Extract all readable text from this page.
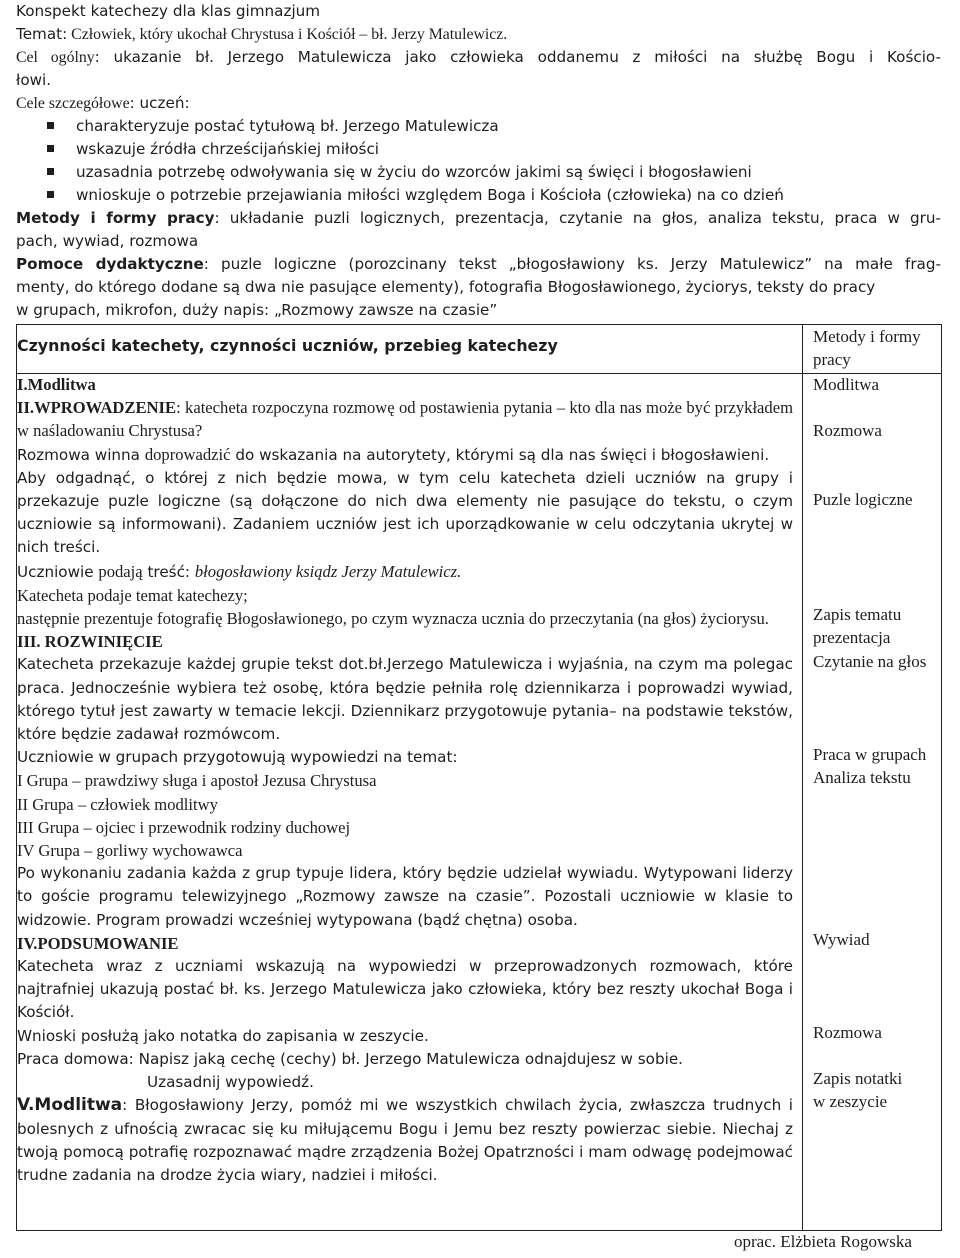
Konspekt katechezy dla klas gimnazjum
Temat: Człowiek, który ukochał Chrystusa i Kościół – bł. Jerzy Matulewicz.
Cel ogólny: ukazanie bł. Jerzego Matulewicza jako człowieka oddanemu z miłości na służbę Bogu i Kościo-
łowi.
Cele szczegółowe: uczeń:
charakteryzuje postać tytułową bł. Jerzego Matulewicza
wskazuje źródła chrześcijańskiej miłości
uzasadnia potrzebę odwoływania się w życiu do wzorców jakimi są święci i błogosławieni
wnioskuje o potrzebie przejawiania miłości względem Boga i Kościoła (człowieka) na co dzień
Metody i formy pracy: układanie puzli logicznych, prezentacja, czytanie na głos, analiza tekstu, praca w gru-
pach, wywiad, rozmowa
Pomoce dydaktyczne: puzle logiczne (porozcinany tekst „błogosławiony ks. Jerzy Matulewicz” na małe frag-
menty, do którego dodane są dwa nie pasujące elementy), fotografia Błogosławionego, życiorys, teksty do pracy
w grupach, mikrofon, duży napis: „Rozmowy zawsze na czasie”
Czynności katechety, czynności uczniów, przebieg katechezy	Metody i formy
pracy

I.Modlitwa

II.WPROWADZENIE: katecheta rozpoczyna rozmowę od postawienia pytania – kto dla nas może być przykładem w naśladowaniu Chrystusa?

Rozmowa winna doprowadzić do wskazania na autorytety, którymi są dla nas święci i błogosławieni.

Aby odgadnąć, o której z nich będzie mowa, w tym celu katecheta dzieli uczniów na grupy i przekazuje puzle logiczne (są dołączone do nich dwa elementy nie pasujące do tekstu, o czym uczniowie są informowani). Zadaniem uczniów jest ich uporządkowanie w celu odczytania ukrytej w nich treści.

Uczniowie podają treść: błogosławiony ksiądz Jerzy Matulewicz.

Katecheta podaje temat katechezy;

następnie prezentuje fotografię Błogosławionego, po czym wyznacza ucznia do przeczytania (na głos) życiorysu.

III. ROZWINIĘCIE

Katecheta przekazuje każdej grupie tekst dot.bł.Jerzego Matulewicza i wyjaśnia, na czym ma polegac praca. Jednocześnie wybiera też osobę, która będzie pełniła rolę dziennikarza i poprowadzi wywiad, którego tytuł jest zawarty w temacie lekcji. Dziennikarz przygotowuje pytania– na podstawie tekstów, które będzie zadawał rozmówcom.

Uczniowie w grupach przygotowują wypowiedzi na temat:

I Grupa – prawdziwy sługa i apostoł Jezusa Chrystusa

II Grupa – człowiek modlitwy

III Grupa – ojciec i przewodnik rodziny duchowej

IV Grupa – gorliwy wychowawca

Po wykonaniu zadania każda z grup typuje lidera, który będzie udzielał wywiadu. Wytypowani liderzy to goście programu telewizyjnego „Rozmowy zawsze na czasie”. Pozostali uczniowie w klasie to widzowie. Program prowadzi wcześniej wytypowana (bądź chętna) osoba.

IV.PODSUMOWANIE

Katecheta wraz z uczniami wskazują na wypowiedzi w przeprowadzonych rozmowach, które najtrafniej ukazują postać bł. ks. Jerzego Matulewicza jako człowieka, który bez reszty ukochał Boga i Kościół.

Wnioski posłużą jako notatka do zapisania w zeszycie.

Praca domowa: Napisz jaką cechę (cechy) bł. Jerzego Matulewicza odnajdujesz w sobie.

Uzasadnij wypowiedź.

V.Modlitwa: Błogosławiony Jerzy, pomóż mi we wszystkich chwilach życia, zwłaszcza trudnych i bolesnych z ufnością zwracac się ku miłującemu Bogu i Jemu bez reszty powierzac siebie. Niechaj z twoją pomocą potrafię rozpoznawać mądre zrządzenia Bożej Opatrzności i mam odwagę podejmować trudne zadania na drodze życia wiary, nadziei i miłości.

Modlitwa
Rozmowa
Puzle logiczne
Zapis tematu
prezentacja
Czytanie na głos
Praca w grupach
Analiza tekstu
Wywiad
Rozmowa
Zapis notatki
w zeszycie
oprac. Elżbieta Rogowska
